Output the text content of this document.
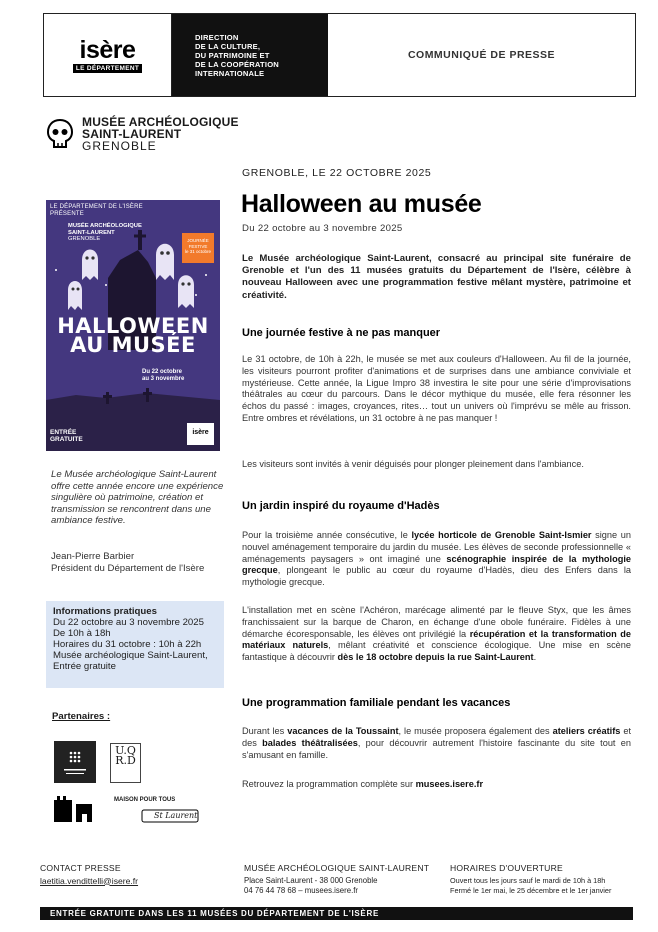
isère
LE DÉPARTEMENT
DIRECTION
DE LA CULTURE,
DU PATRIMOINE ET
DE LA COOPÉRATION
INTERNATIONALE
COMMUNIQUÉ DE PRESSE
MUSÉE ARCHÉOLOGIQUE
SAINT-LAURENT
GRENOBLE
LE DÉPARTEMENT DE L'ISÈRE
PRÉSENTE
MUSÉE ARCHÉOLOGIQUE
SAINT-LAURENT
GRENOBLE	JOURNÉE
FESTIVE
le 31 octobre
HALLOWEEN
AU MUSÉE
Du 22 octobre
au 3 novembre
ENTRÉE
GRATUITE
isère
Le Musée archéologique Saint-Laurent offre cette année encore une expérience singulière où patrimoine, création et transmission se rencontrent dans une ambiance festive.
Jean-Pierre Barbier
Président du Département de l'Isère
Informations pratiques
Du 22 octobre au 3 novembre 2025
De 10h à 18h
Horaires du 31 octobre : 10h à 22h
Musée archéologique Saint-Laurent,
Entrée gratuite
Partenaires :
U.Q R.D
MAISON POUR TOUS
St Laurent
GRENOBLE, LE 22 OCTOBRE 2025
Halloween au musée
Du 22 octobre au 3 novembre 2025
Le Musée archéologique Saint-Laurent, consacré au principal site funéraire de Grenoble et l'un des 11 musées gratuits du Département de l'Isère, célèbre à nouveau Halloween avec une programmation festive mêlant mystère, patrimoine et créativité.
Une journée festive à ne pas manquer
Le 31 octobre, de 10h à 22h, le musée se met aux couleurs d'Halloween. Au fil de la journée, les visiteurs pourront profiter d'animations et de surprises dans une ambiance conviviale et mystérieuse. Cette année, la Ligue Impro 38 investira le site pour une série d'improvisations théâtrales au cœur du parcours. Dans le décor mythique du musée, elle fera résonner les échos du passé : images, croyances, rites… tout un univers où l'imprévu se mêle au frisson. Entre ombres et révélations, un 31 octobre à ne pas manquer !
Les visiteurs sont invités à venir déguisés pour plonger pleinement dans l'ambiance.
Un jardin inspiré du royaume d'Hadès
Pour la troisième année consécutive, le lycée horticole de Grenoble Saint-Ismier signe un nouvel aménagement temporaire du jardin du musée. Les élèves de seconde professionnelle « aménagements paysagers » ont imaginé une scénographie inspirée de la mythologie grecque, plongeant le public au cœur du royaume d'Hadès, dieu des Enfers dans la mythologie grecque.
L'installation met en scène l'Achéron, marécage alimenté par le fleuve Styx, que les âmes franchissaient sur la barque de Charon, en échange d'une obole funéraire. Fidèles à une démarche écoresponsable, les élèves ont privilégié la récupération et la transformation de matériaux naturels, mêlant créativité et conscience écologique. Une mise en scène fantastique à découvrir dès le 18 octobre depuis la rue Saint-Laurent.
Une programmation familiale pendant les vacances
Durant les vacances de la Toussaint, le musée proposera également des ateliers créatifs et des balades théâtralisées, pour découvrir autrement l'histoire fascinante du site tout en s'amusant en famille.
Retrouvez la programmation complète sur musees.isere.fr
CONTACT PRESSE
laetitia.vendittelli@isere.fr
MUSÉE ARCHÉOLOGIQUE SAINT-LAURENT
Place Saint-Laurent - 38 000 Grenoble
04 76 44 78 68 – musees.isere.fr
HORAIRES D'OUVERTURE
Ouvert tous les jours sauf le mardi de 10h à 18h
Fermé le 1er mai, le 25 décembre et le 1er janvier
ENTRÉE GRATUITE DANS LES 11 MUSÉES DU DÉPARTEMENT DE L'ISÈRE
